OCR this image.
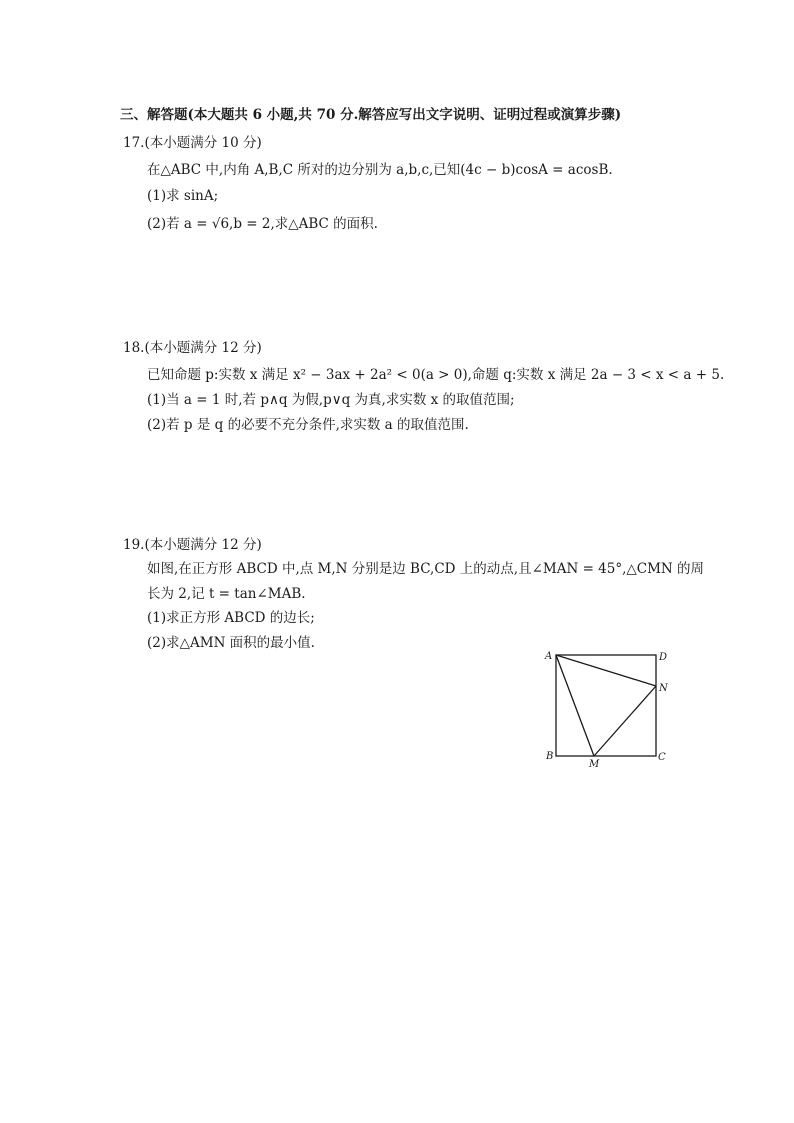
三、解答题(本大题共 6 小题,共 70 分.解答应写出文字说明、证明过程或演算步骤)
17.(本小题满分 10 分)
在△ABC 中,内角 A,B,C 所对的边分别为 a,b,c,已知(4c − b)cosA = acosB.
(1)求 sinA;
(2)若 a = √6,b = 2,求△ABC 的面积.
18.(本小题满分 12 分)
已知命题 p:实数 x 满足 x² − 3ax + 2a² < 0(a > 0),命题 q:实数 x 满足 2a − 3 < x < a + 5.
(1)当 a = 1 时,若 p∧q 为假,p∨q 为真,求实数 x 的取值范围;
(2)若 p 是 q 的必要不充分条件,求实数 a 的取值范围.
19.(本小题满分 12 分)
如图,在正方形 ABCD 中,点 M,N 分别是边 BC,CD 上的动点,且∠MAN = 45°,△CMN 的周
长为 2,记 t = tan∠MAB.
(1)求正方形 ABCD 的边长;
(2)求△AMN 面积的最小值.
A	D
N
B
M
C
